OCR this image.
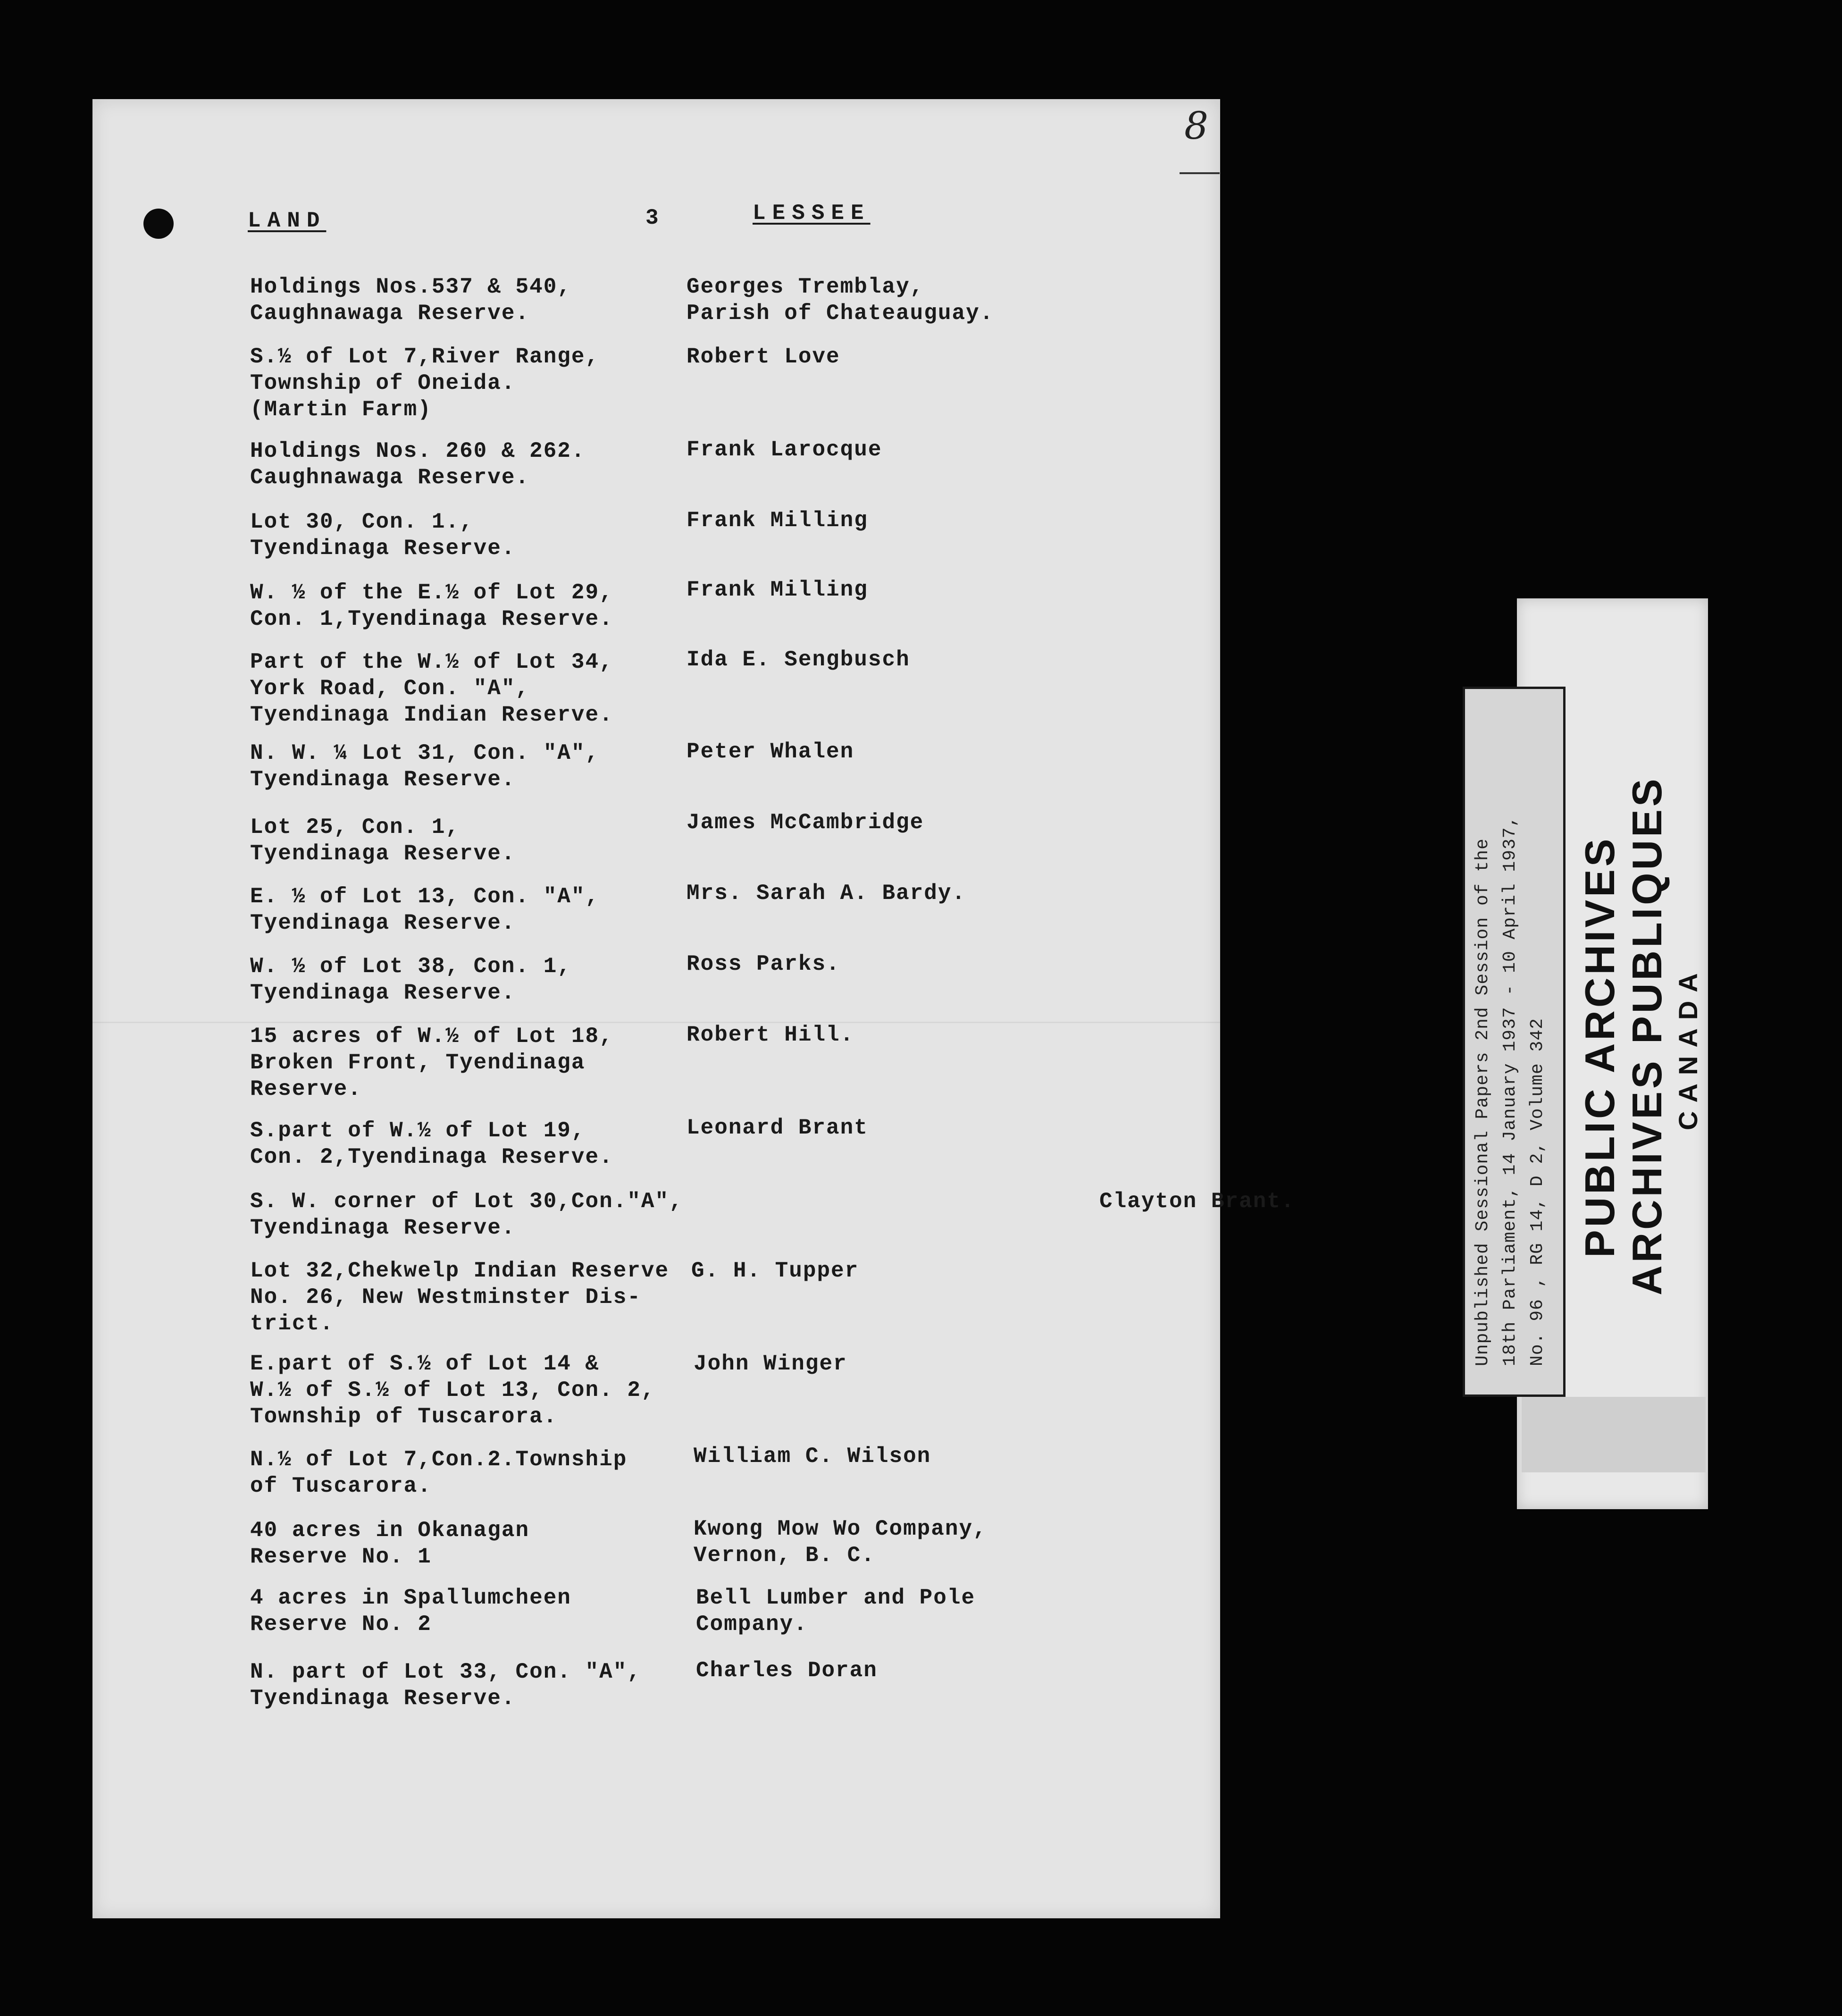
8
LAND	3	LESSEE
Holdings Nos.537 & 540,
Caughnawaga Reserve.
Georges Tremblay,
Parish of Chateauguay.
S.½ of Lot 7,River Range,
Township of Oneida.
(Martin Farm)
Robert Love
Holdings Nos. 260 & 262.
Caughnawaga Reserve.
Frank Larocque
Lot 30, Con. 1.,
Tyendinaga Reserve.
Frank Milling
W. ½ of the E.½ of Lot 29,
Con. 1,Tyendinaga Reserve.
Frank Milling
Part of the W.½ of Lot 34,
York Road, Con. "A",
Tyendinaga Indian Reserve.
Ida E. Sengbusch
N. W. ¼ Lot 31, Con. "A",
Tyendinaga Reserve.
Peter Whalen
Lot 25, Con. 1,
Tyendinaga Reserve.
James McCambridge
E. ½ of Lot 13, Con. "A",
Tyendinaga Reserve.
Mrs. Sarah A. Bardy.
W. ½ of Lot 38, Con. 1,
Tyendinaga Reserve.
Ross Parks.
15 acres of W.½ of Lot 18,
Broken Front, Tyendinaga
Reserve.
Robert Hill.
S.part of W.½ of Lot 19,
Con. 2,Tyendinaga Reserve.
Leonard Brant
S. W. corner of Lot 30,Con."A",
Tyendinaga Reserve.
Clayton Brant.
Lot 32,Chekwelp Indian Reserve
No. 26, New Westminster Dis-
trict.
G. H. Tupper
E.part of S.½ of Lot 14 &
W.½ of S.½ of Lot 13, Con. 2,
Township of Tuscarora.
John Winger
N.½ of Lot 7,Con.2.Township
of Tuscarora.
William C. Wilson
40 acres in Okanagan
Reserve No. 1
Kwong Mow Wo Company,
Vernon, B. C.
4 acres in Spallumcheen
Reserve No. 2
Bell Lumber and Pole
Company.
N. part of Lot 33, Con. "A",
Tyendinaga Reserve.
Charles Doran
Unpublished Sessional Papers 2nd Session of the 18th Parliament, 14 January 1937 - 10 April 1937, No. 96 , RG 14, D 2, Volume 342 PUBLIC ARCHIVES ARCHIVES PUBLIQUES CANADA
